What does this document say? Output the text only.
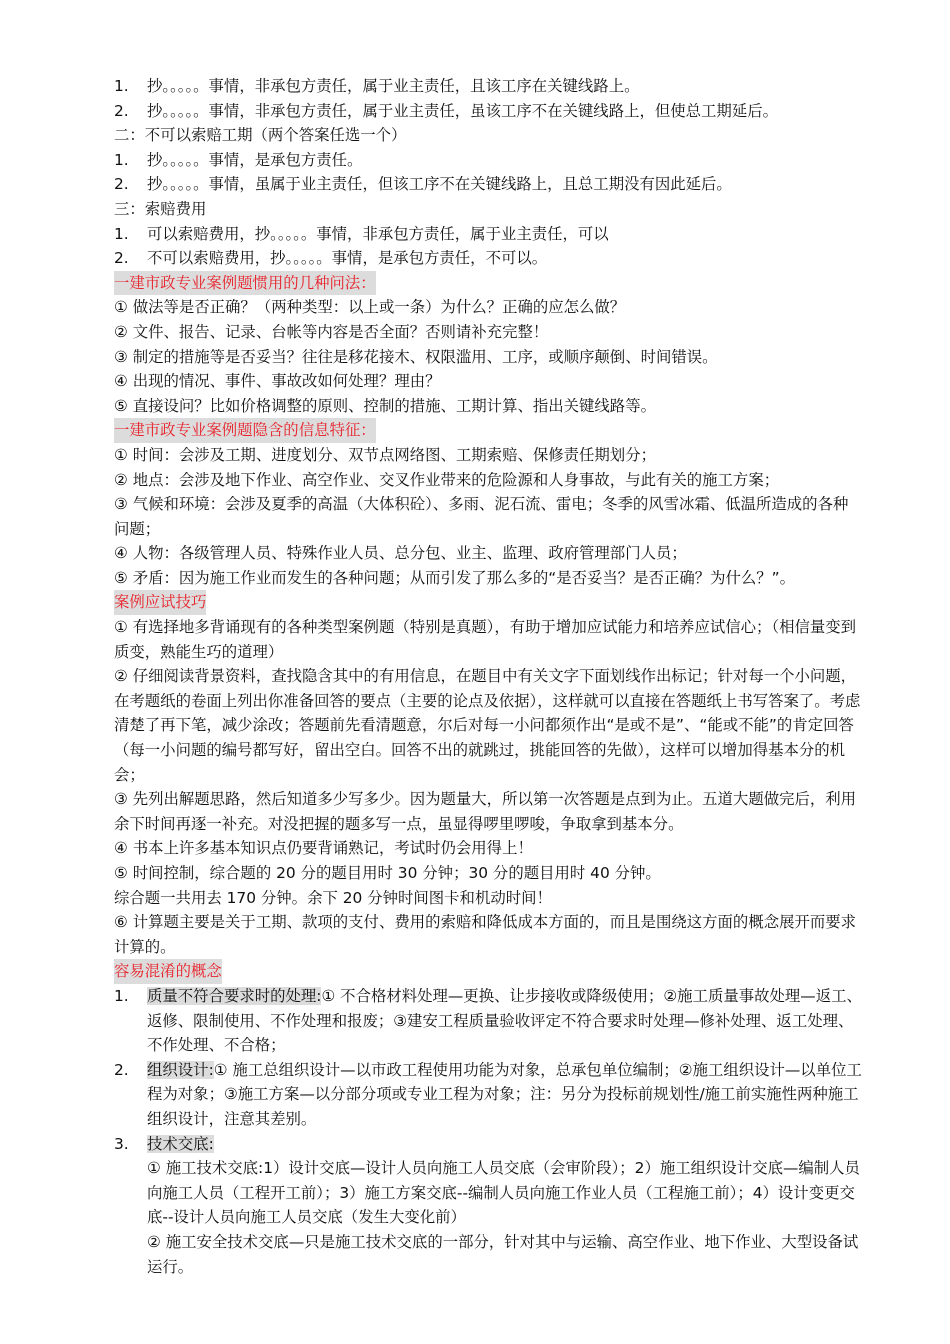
1. 抄。。。。。事情，非承包方责任，属于业主责任，且该工序在关键线路上。
2. 抄。。。。。事情，非承包方责任，属于业主责任，虽该工序不在关键线路上，但使总工期延后。
二：不可以索赔工期（两个答案任选一个）
1. 抄。。。。。事情，是承包方责任。
2. 抄。。。。。事情，虽属于业主责任，但该工序不在关键线路上，且总工期没有因此延后。
三：索赔费用
1. 可以索赔费用，抄。。。。。事情，非承包方责任，属于业主责任，可以
2. 不可以索赔费用，抄。。。。。事情，是承包方责任，不可以。
一建市政专业案例题惯用的几种问法：
① 做法等是否正确？（两种类型：以上或一条）为什么？正确的应怎么做？
② 文件、报告、记录、台帐等内容是否全面？否则请补充完整！
③ 制定的措施等是否妥当？往往是移花接木、权限滥用、工序，或顺序颠倒、时间错误。
④ 出现的情况、事件、事故改如何处理？理由？
⑤ 直接设问？比如价格调整的原则、控制的措施、工期计算、指出关键线路等。
一建市政专业案例题隐含的信息特征：
① 时间：会涉及工期、进度划分、双节点网络图、工期索赔、保修责任期划分；
② 地点：会涉及地下作业、高空作业、交叉作业带来的危险源和人身事故，与此有关的施工方案；
③ 气候和环境：会涉及夏季的高温（大体积砼）、多雨、泥石流、雷电；冬季的风雪冰霜、低温所造成的各种问题；
④ 人物：各级管理人员、特殊作业人员、总分包、业主、监理、政府管理部门人员；
⑤ 矛盾：因为施工作业而发生的各种问题；从而引发了那么多的“是否妥当？是否正确？为什么？”。
案例应试技巧
① 有选择地多背诵现有的各种类型案例题（特别是真题），有助于增加应试能力和培养应试信心；（相信量变到质变，熟能生巧的道理）
② 仔细阅读背景资料，查找隐含其中的有用信息，在题目中有关文字下面划线作出标记；针对每一个小问题，在考题纸的卷面上列出你准备回答的要点（主要的论点及依据），这样就可以直接在答题纸上书写答案了。考虑清楚了再下笔，减少涂改；答题前先看清题意，尔后对每一小问都须作出“是或不是”、“能或不能”的肯定回答（每一小问题的编号都写好，留出空白。回答不出的就跳过，挑能回答的先做），这样可以增加得基本分的机会；
③ 先列出解题思路，然后知道多少写多少。因为题量大，所以第一次答题是点到为止。五道大题做完后，利用余下时间再逐一补充。对没把握的题多写一点，虽显得啰里啰唆，争取拿到基本分。
④ 书本上许多基本知识点仍要背诵熟记，考试时仍会用得上！
⑤ 时间控制，综合题的 20 分的题目用时 30 分钟；30 分的题目用时 40 分钟。
综合题一共用去 170 分钟。余下 20 分钟时间图卡和机动时间！
⑥ 计算题主要是关于工期、款项的支付、费用的索赔和降低成本方面的，而且是围绕这方面的概念展开而要求计算的。
容易混淆的概念
1.	质量不符合要求时的处理:① 不合格材料处理—更换、让步接收或降级使用；②施工质量事故处理—返工、返修、限制使用、不作处理和报废；③建安工程质量验收评定不符合要求时处理—修补处理、返工处理、不作处理、不合格；
2.	组织设计:① 施工总组织设计—以市政工程使用功能为对象，总承包单位编制；②施工组织设计—以单位工程为对象；③施工方案—以分部分项或专业工程为对象；注：另分为投标前规划性/施工前实施性两种施工组织设计，注意其差别。
3.	技术交底:
① 施工技术交底:1）设计交底—设计人员向施工人员交底（会审阶段）；2）施工组织设计交底—编制人员向施工人员（工程开工前）；3）施工方案交底--编制人员向施工作业人员（工程施工前）；4）设计变更交底--设计人员向施工人员交底（发生大变化前）
② 施工安全技术交底—只是施工技术交底的一部分，针对其中与运输、高空作业、地下作业、大型设备试运行。
